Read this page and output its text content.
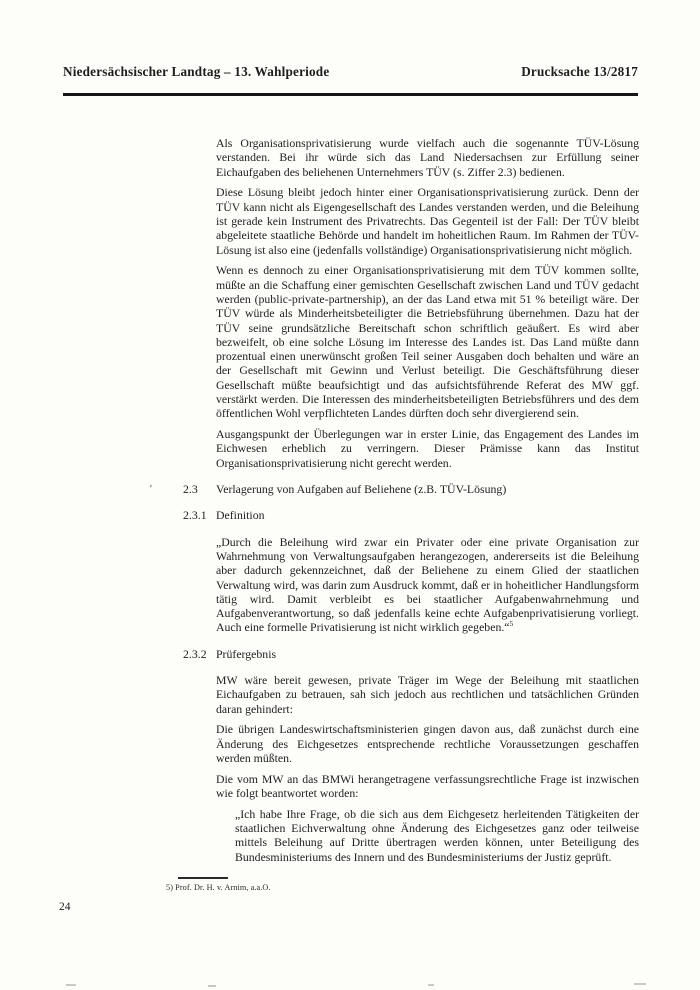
Niedersächsischer Landtag – 13. Wahlperiode	Drucksache 13/2817

Als Organisationsprivatisierung wurde vielfach auch die sogenannte TÜV-Lösung verstanden. Bei ihr würde sich das Land Niedersachsen zur Erfüllung seiner Eichaufgaben des beliehenen Unternehmers TÜV (s. Ziffer 2.3) bedienen.

Diese Lösung bleibt jedoch hinter einer Organisationsprivatisierung zurück. Denn der TÜV kann nicht als Eigengesellschaft des Landes verstanden werden, und die Beleihung ist gerade kein Instrument des Privatrechts. Das Gegenteil ist der Fall: Der TÜV bleibt abgeleitete staatliche Behörde und handelt im hoheitlichen Raum. Im Rahmen der TÜV-Lösung ist also eine (jedenfalls vollständige) Organisationsprivatisierung nicht möglich.

Wenn es dennoch zu einer Organisationsprivatisierung mit dem TÜV kommen sollte, müßte an die Schaffung einer gemischten Gesellschaft zwischen Land und TÜV gedacht werden (public-private-partnership), an der das Land etwa mit 51 % beteiligt wäre. Der TÜV würde als Minderheitsbeteiligter die Betriebsführung übernehmen. Dazu hat der TÜV seine grundsätzliche Bereitschaft schon schriftlich geäußert. Es wird aber bezweifelt, ob eine solche Lösung im Interesse des Landes ist. Das Land müßte dann prozentual einen unerwünscht großen Teil seiner Ausgaben doch behalten und wäre an der Gesellschaft mit Gewinn und Verlust beteiligt. Die Geschäftsführung dieser Gesellschaft müßte beaufsichtigt und das aufsichtsführende Referat des MW ggf. verstärkt werden. Die Interessen des minderheitsbeteiligten Betriebsführers und des dem öffentlichen Wohl verpflichteten Landes dürften doch sehr divergierend sein.

Ausgangspunkt der Überlegungen war in erster Linie, das Engagement des Landes im Eichwesen erheblich zu verringern. Dieser Prämisse kann das Institut Organisationsprivatisierung nicht gerecht werden.

'	2.3 Verlagerung von Aufgaben auf Beliehene (z.B. TÜV-Lösung)
2.3.1 Definition

„Durch die Beleihung wird zwar ein Privater oder eine private Organisation zur Wahrnehmung von Verwaltungsaufgaben herangezogen, andererseits ist die Beleihung aber dadurch gekennzeichnet, daß der Beliehene zu einem Glied der staatlichen Verwaltung wird, was darin zum Ausdruck kommt, daß er in hoheitlicher Handlungsform tätig wird. Damit verbleibt es bei staatlicher Aufgabenwahrnehmung und Aufgabenverantwortung, so daß jedenfalls keine echte Aufgabenprivatisierung vorliegt. Auch eine formelle Privatisierung ist nicht wirklich gegeben.“$^5$

2.3.2 Prüfergebnis

MW wäre bereit gewesen, private Träger im Wege der Beleihung mit staatlichen Eichaufgaben zu betrauen, sah sich jedoch aus rechtlichen und tatsächlichen Gründen daran gehindert:

Die übrigen Landeswirtschaftsministerien gingen davon aus, daß zunächst durch eine Änderung des Eichgesetzes entsprechende rechtliche Voraussetzungen geschaffen werden müßten.

Die vom MW an das BMWi herangetragene verfassungsrechtliche Frage ist inzwischen wie folgt beantwortet worden:

„Ich habe Ihre Frage, ob die sich aus dem Eichgesetz herleitenden Tätigkeiten der staatlichen Eichverwaltung ohne Änderung des Eichgesetzes ganz oder teilweise mittels Beleihung auf Dritte übertragen werden können, unter Beteiligung des Bundesministeriums des Innern und des Bundesministeriums der Justiz geprüft.

5) Prof. Dr. H. v. Arnim, a.a.O.
24
